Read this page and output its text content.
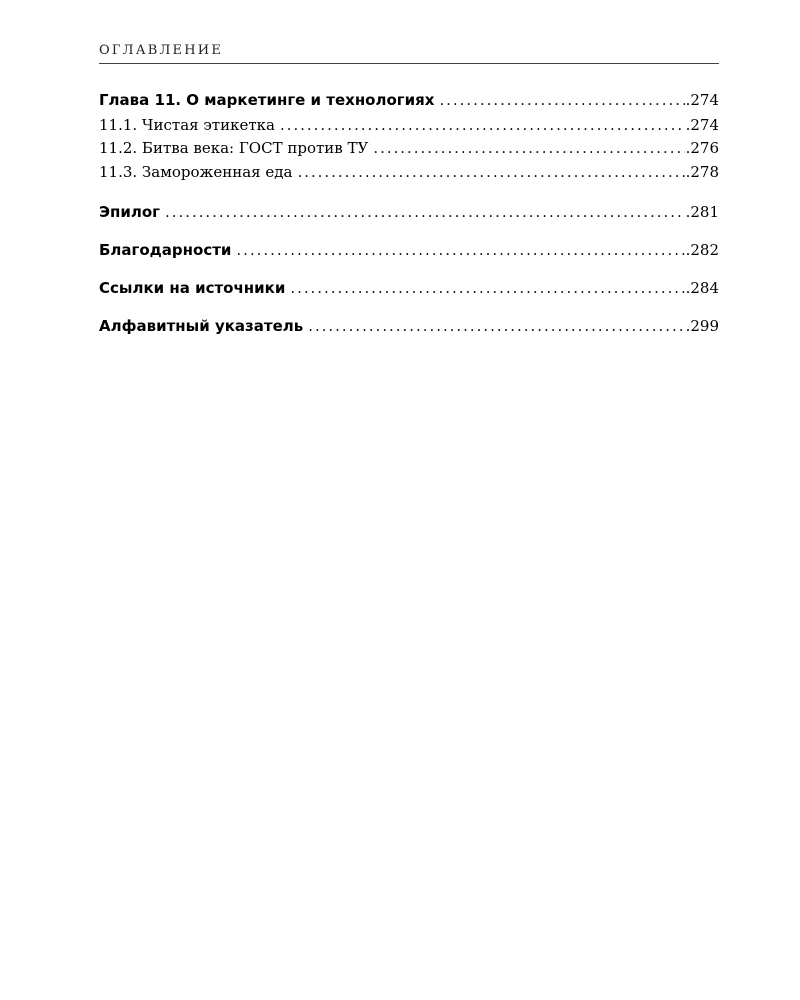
ОГЛАВЛЕНИЕ
Глава 11. О маркетинге и технологиях . . .	.274
11.1. Чистая этикетка . . .	.274
11.2. Битва века: ГОСТ против ТУ . . .	.276
11.3. Замороженная еда . . .	.278
Эпилог . . .	.281
Благодарности . . .	.282
Ссылки на источники . . .	.284
Алфавитный указатель . . .	.299
